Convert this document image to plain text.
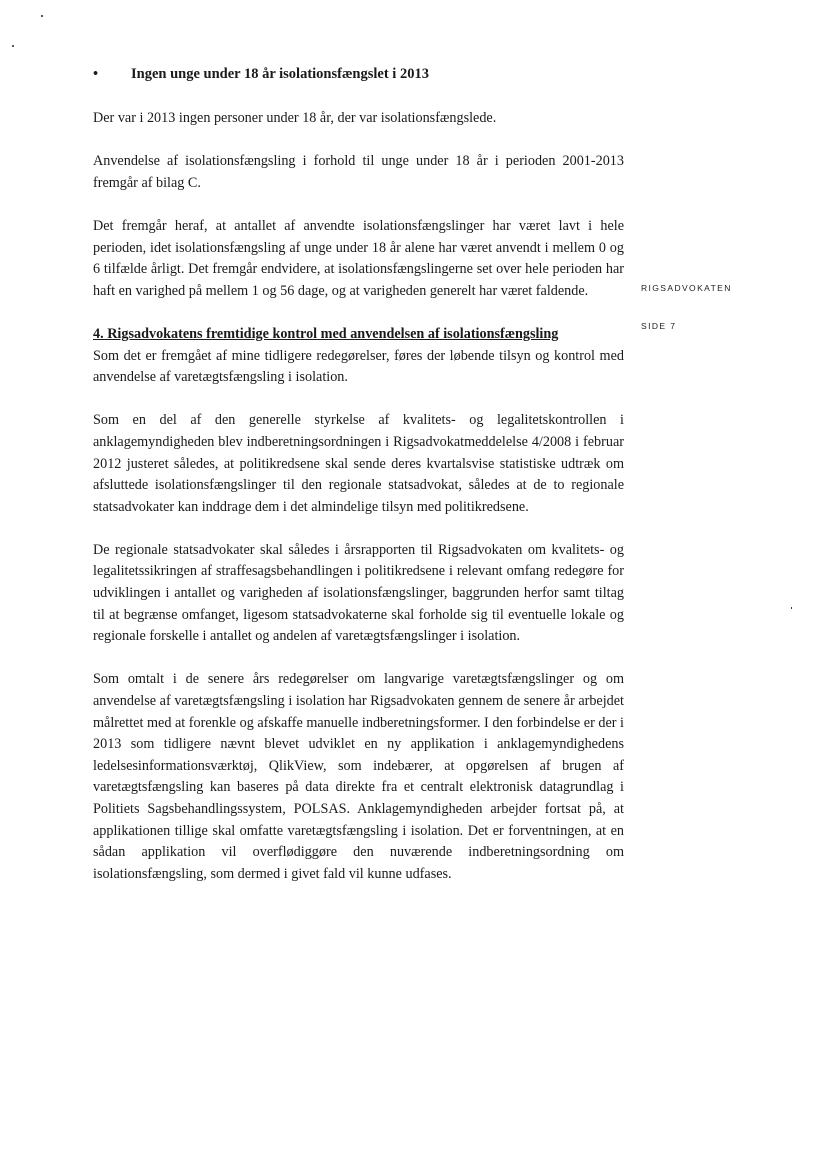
• Ingen unge under 18 år isolationsfængslet i 2013

Der var i 2013 ingen personer under 18 år, der var isolationsfængslede.

Anvendelse af isolationsfængsling i forhold til unge under 18 år i perioden 2001-2013 fremgår af bilag C.

Det fremgår heraf, at antallet af anvendte isolationsfængslinger har været lavt i hele perioden, idet isolationsfængsling af unge under 18 år alene har været anvendt i mellem 0 og 6 tilfælde årligt. Det fremgår endvidere, at isolationsfængslingerne set over hele perioden har haft en varighed på mellem 1 og 56 dage, og at varigheden generelt har været faldende.

4. Rigsadvokatens fremtidige kontrol med anvendelsen af isolationsfængsling

Som det er fremgået af mine tidligere redegørelser, føres der løbende tilsyn og kontrol med anvendelse af varetægtsfængsling i isolation.

Som en del af den generelle styrkelse af kvalitets- og legalitetskontrollen i anklagemyndigheden blev indberetningsordningen i Rigsadvokatmeddelelse 4/2008 i februar 2012 justeret således, at politikredsene skal sende deres kvartalsvise statistiske udtræk om afsluttede isolationsfængslinger til den regionale statsadvokat, således at de to regionale statsadvokater kan inddrage dem i det almindelige tilsyn med politikredsene.

De regionale statsadvokater skal således i årsrapporten til Rigsadvokaten om kvalitets- og legalitetssikringen af straffesagsbehandlingen i politikredsene i relevant omfang redegøre for udviklingen i antallet og varigheden af isolationsfængslinger, baggrunden herfor samt tiltag til at begrænse omfanget, ligesom statsadvokaterne skal forholde sig til eventuelle lokale og regionale forskelle i antallet og andelen af varetægtsfængslinger i isolation.

Som omtalt i de senere års redegørelser om langvarige varetægtsfængslinger og om anvendelse af varetægtsfængsling i isolation har Rigsadvokaten gennem de senere år arbejdet målrettet med at forenkle og afskaffe manuelle indberetningsformer. I den forbindelse er der i 2013 som tidligere nævnt blevet udviklet en ny applikation i anklagemyndighedens ledelsesinformationsværktøj, QlikView, som indebærer, at opgørelsen af brugen af varetægtsfængsling kan baseres på data direkte fra et centralt elektronisk datagrundlag i Politiets Sagsbehandlingssystem, POLSAS. Anklagemyndigheden arbejder fortsat på, at applikationen tillige skal omfatte varetægtsfængsling i isolation. Det er forventningen, at en sådan applikation vil overflødiggøre den nuværende indberetningsordning om isolationsfængsling, som dermed i givet fald vil kunne udfases.

RIGSADVOKATEN
SIDE 7
